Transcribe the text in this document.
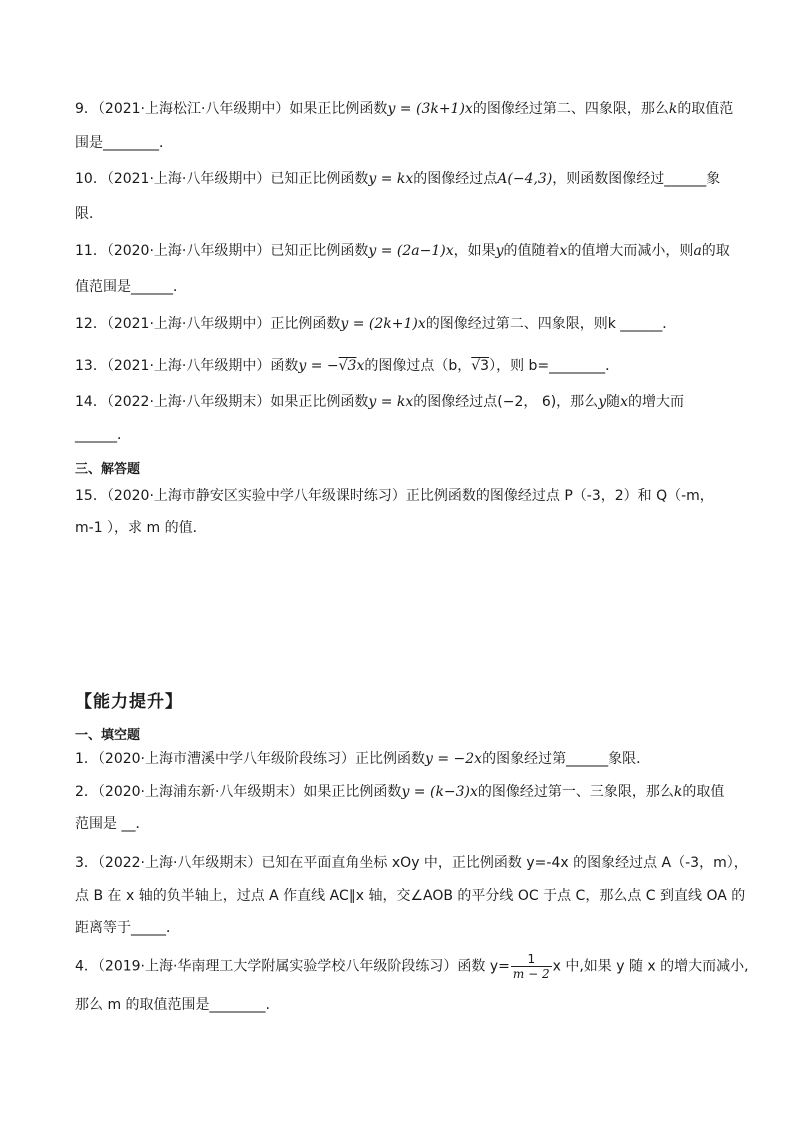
9．（2021·上海松江·八年级期中）如果正比例函数y = (3k+1)x的图像经过第二、四象限，那么k的取值范
围是________．
10．（2021·上海·八年级期中）已知正比例函数y = kx的图像经过点A(−4,3)，则函数图像经过______象
限．
11．（2020·上海·八年级期中）已知正比例函数y = (2a−1)x，如果y的值随着x的值增大而减小，则a的取
值范围是______．
12．（2021·上海·八年级期中）正比例函数y = (2k+1)x的图像经过第二、四象限，则k ______．
13．（2021·上海·八年级期中）函数y = −√3x的图像过点（b，√3），则 b=________．
14．（2022·上海·八年级期末）如果正比例函数y = kx的图像经过点(−2， 6)，那么y随x的增大而
______．
三、解答题
15．（2020·上海市静安区实验中学八年级课时练习）正比例函数的图像经过点 P（-3，2）和 Q（-m，
m-1 ），求 m 的值．
【能力提升】
一、填空题
1．（2020·上海市漕溪中学八年级阶段练习）正比例函数y = −2x的图象经过第______象限．
2．（2020·上海浦东新·八年级期末）如果正比例函数y = (k−3)x的图像经过第一、三象限，那么k的取值
范围是 __．
3．（2022·上海·八年级期末）已知在平面直角坐标 xOy 中，正比例函数 y=-4x 的图象经过点 A（-3，m），
点 B 在 x 轴的负半轴上，过点 A 作直线 AC∥x 轴，交∠AOB 的平分线 OC 于点 C，那么点 C 到直线 OA 的
距离等于_____．
4．（2019·上海·华南理工大学附属实验学校八年级阶段练习）函数 $y= \frac{1}{m - 2}$ x 中,如果 y 随 x 的增大而减小,
那么 m 的取值范围是________.
